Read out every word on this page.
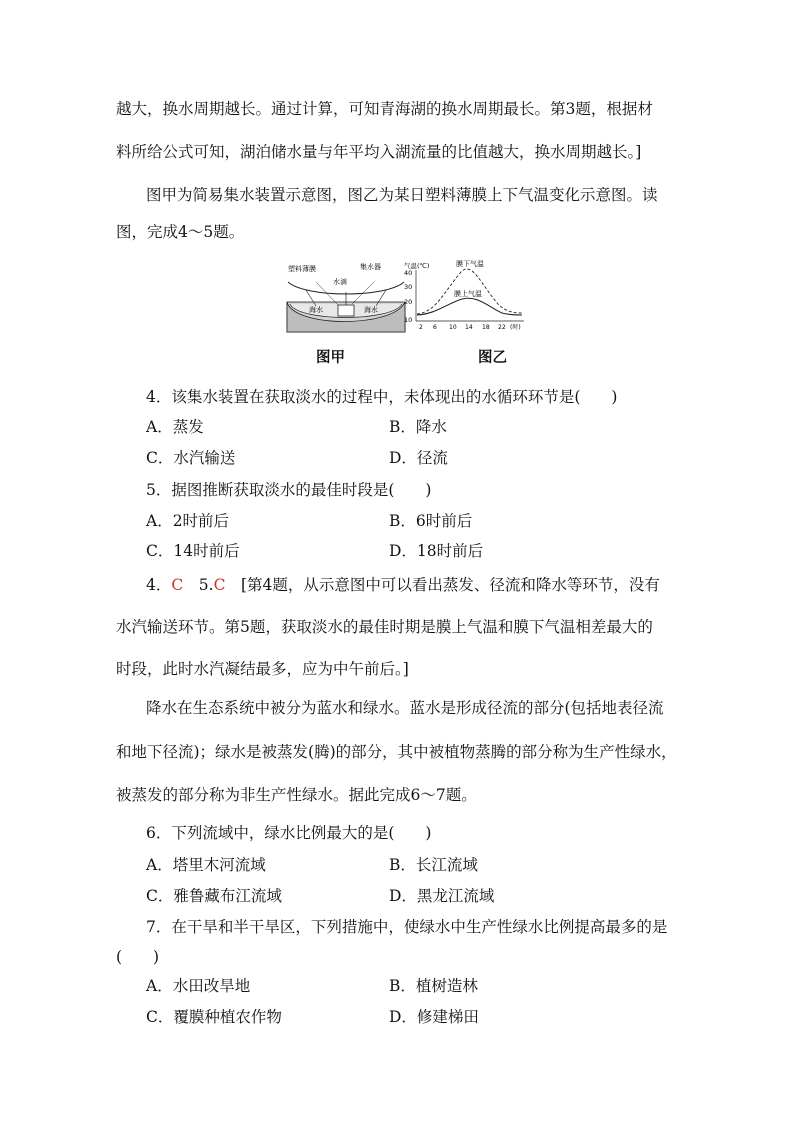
越大，换水周期越长。通过计算，可知青海湖的换水周期最长。第3题，根据材
料所给公式可知，湖泊储水量与年平均入湖流量的比值越大，换水周期越长。]
图甲为简易集水装置示意图，图乙为某日塑料薄膜上下气温变化示意图。读
图，完成4～5题。
塑料薄膜
水滴
集水器
海水	海水
气温(℃)
40
30
20
10
2 6 10 14 18 22 (时)
膜下气温
膜上气温
图甲	图乙
4．该集水装置在获取淡水的过程中，未体现出的水循环环节是(　　)
A．蒸发	B．降水
C．水汽输送	D．径流
5．据图推断获取淡水的最佳时段是(　　)
A．2时前后	B．6时前后
C．14时前后	D．18时前后
4．C　 5.C　 [第4题，从示意图中可以看出蒸发、径流和降水等环节，没有
水汽输送环节。第5题，获取淡水的最佳时期是膜上气温和膜下气温相差最大的
时段，此时水汽凝结最多，应为中午前后。]
降水在生态系统中被分为蓝水和绿水。蓝水是形成径流的部分(包括地表径流
和地下径流)；绿水是被蒸发(腾)的部分，其中被植物蒸腾的部分称为生产性绿水，
被蒸发的部分称为非生产性绿水。据此完成6～7题。
6．下列流域中，绿水比例最大的是(　　)
A．塔里木河流域	B．长江流域
C．雅鲁藏布江流域	D．黑龙江流域
7．在干旱和半干旱区，下列措施中，使绿水中生产性绿水比例提高最多的是
(　　)
A．水田改旱地	B．植树造林
C．覆膜种植农作物	D．修建梯田
